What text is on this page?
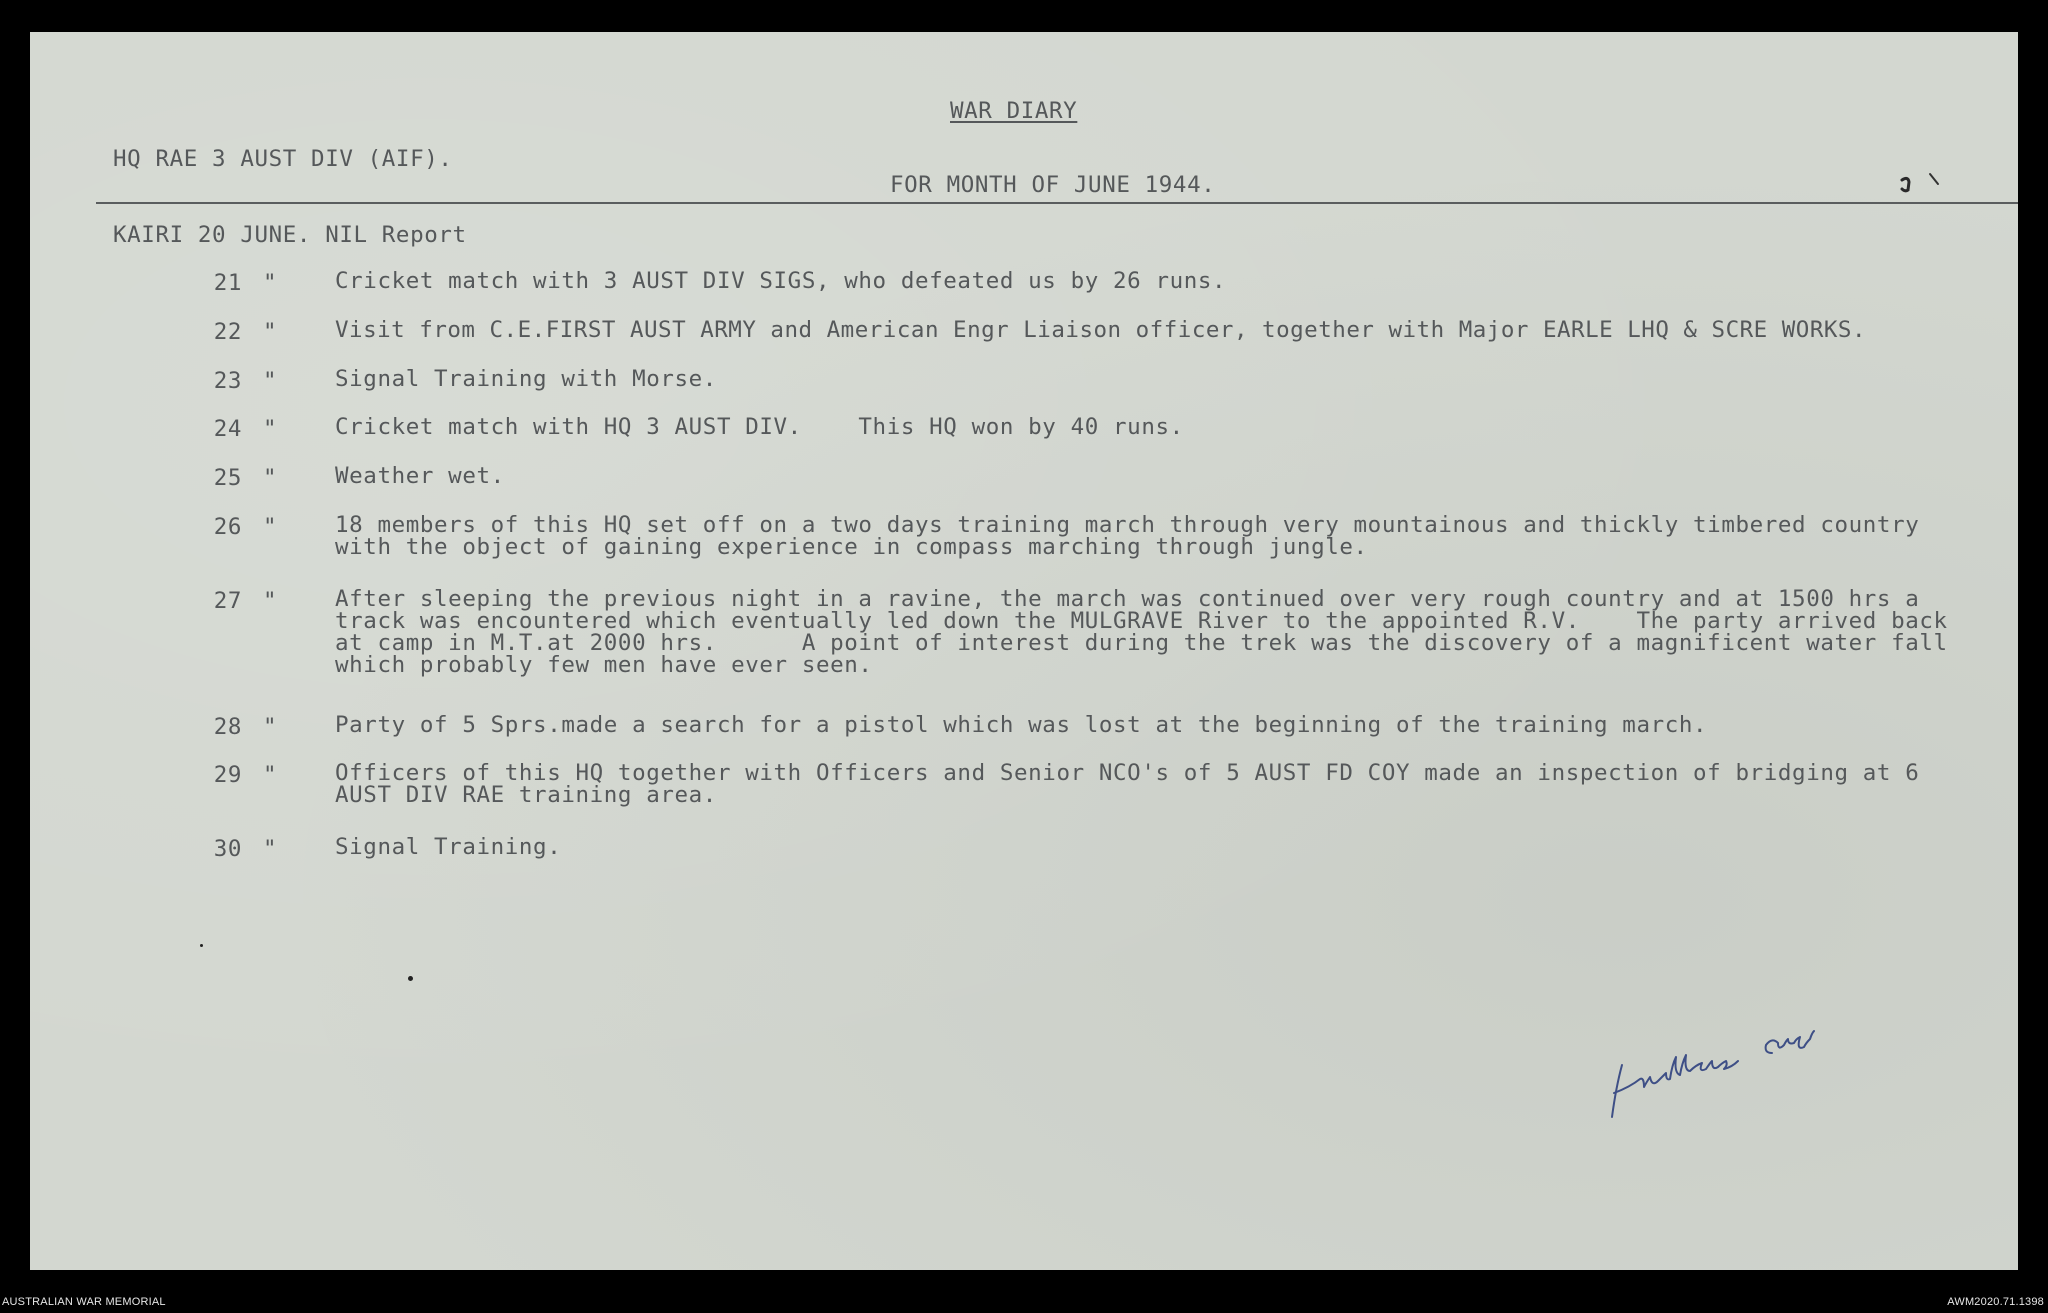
WAR DIARY

HQ RAE 3 AUST DIV (AIF).

FOR MONTH OF JUNE 1944.

KAIRI 20 JUNE. NIL Report

21 "	Cricket match with 3 AUST DIV SIGS, who defeated us by 26 runs.

22 "	Visit from C.E.FIRST AUST ARMY and American Engr Liaison officer, together with Major EARLE LHQ & SCRE WORKS.

23 "	Signal Training with Morse.

24 "	Cricket match with HQ 3 AUST DIV.    This HQ won by 40 runs.

25 "	Weather wet.

26 "	18 members of this HQ set off on a two days training march through very mountainous and thickly timbered country with the object of gaining experience in compass marching through jungle.

27 "	After sleeping the previous night in a ravine, the march was continued over very rough country and at 1500 hrs a track was encountered which eventually led down the MULGRAVE River to the appointed R.V.    The party arrived back at camp in M.T.at 2000 hrs.      A point of interest during the trek was the discovery of a magnificent water fall which probably few men have ever seen.

28 "	Party of 5 Sprs.made a search for a pistol which was lost at the beginning of the training march.

29 "	Officers of this HQ together with Officers and Senior NCO's of 5 AUST FD COY made an inspection of bridging at 6 AUST DIV RAE training area.

30 "	Signal Training.

AUSTRALIAN WAR MEMORIAL	AWM2020.71.1398
